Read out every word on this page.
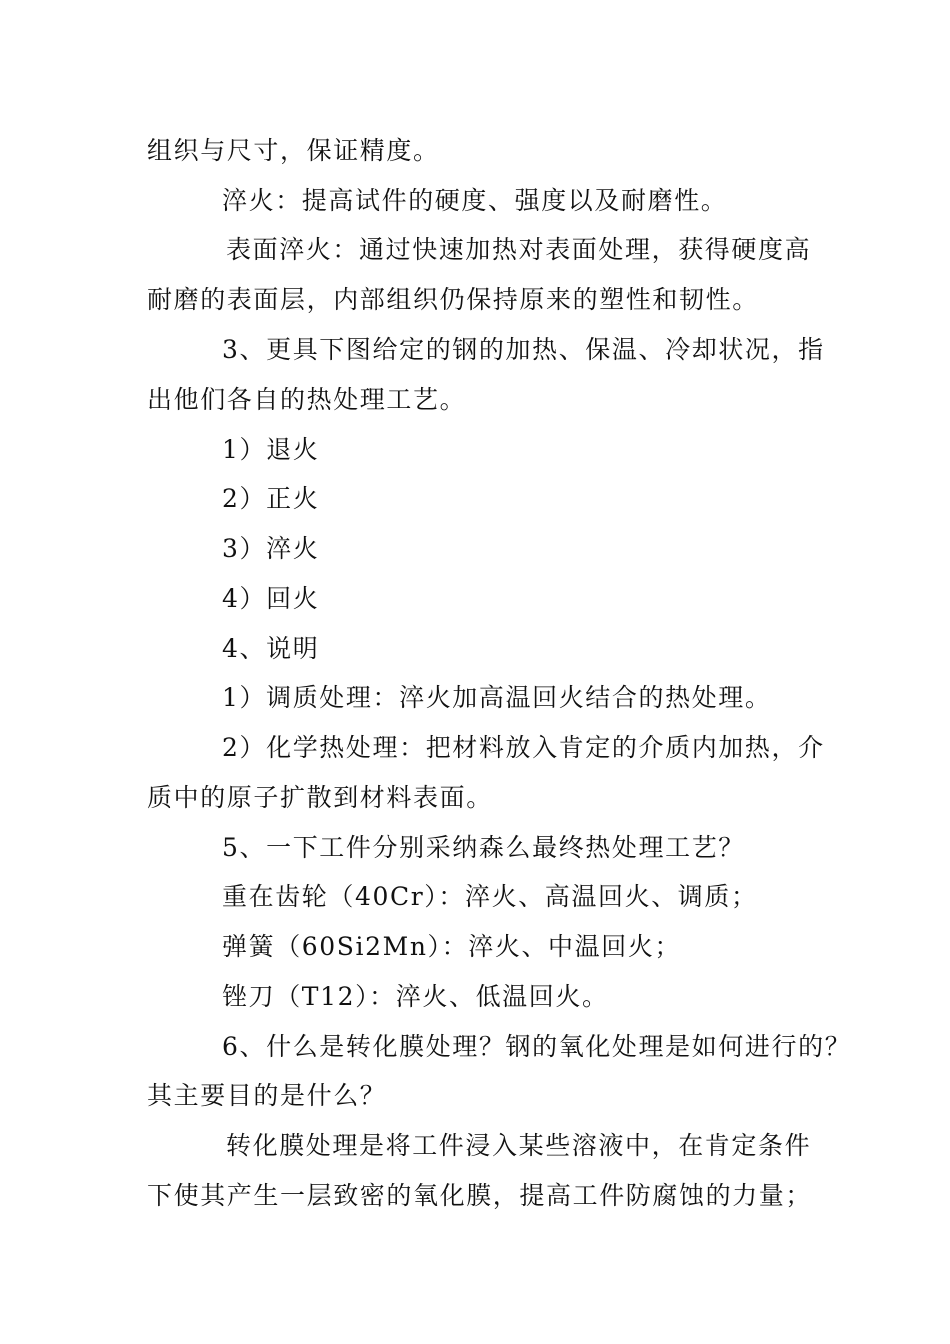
组织与尺寸，保证精度。

淬火：提高试件的硬度、强度以及耐磨性。

表面淬火：通过快速加热对表面处理，获得硬度高

耐磨的表面层，内部组织仍保持原来的塑性和韧性。

3、更具下图给定的钢的加热、保温、冷却状况，指

出他们各自的热处理工艺。

1）退火

2）正火

3）淬火

4）回火

4、说明

1）调质处理：淬火加高温回火结合的热处理。

2）化学热处理：把材料放入肯定的介质内加热，介

质中的原子扩散到材料表面。

5、一下工件分别采纳森么最终热处理工艺？

重在齿轮（40Cr）：淬火、高温回火、调质；

弹簧（60Si2Mn）：淬火、中温回火；

锉刀（T12）：淬火、低温回火。

6、什么是转化膜处理？钢的氧化处理是如何进行的？

其主要目的是什么？

转化膜处理是将工件浸入某些溶液中，在肯定条件

下使其产生一层致密的氧化膜，提高工件防腐蚀的力量；
